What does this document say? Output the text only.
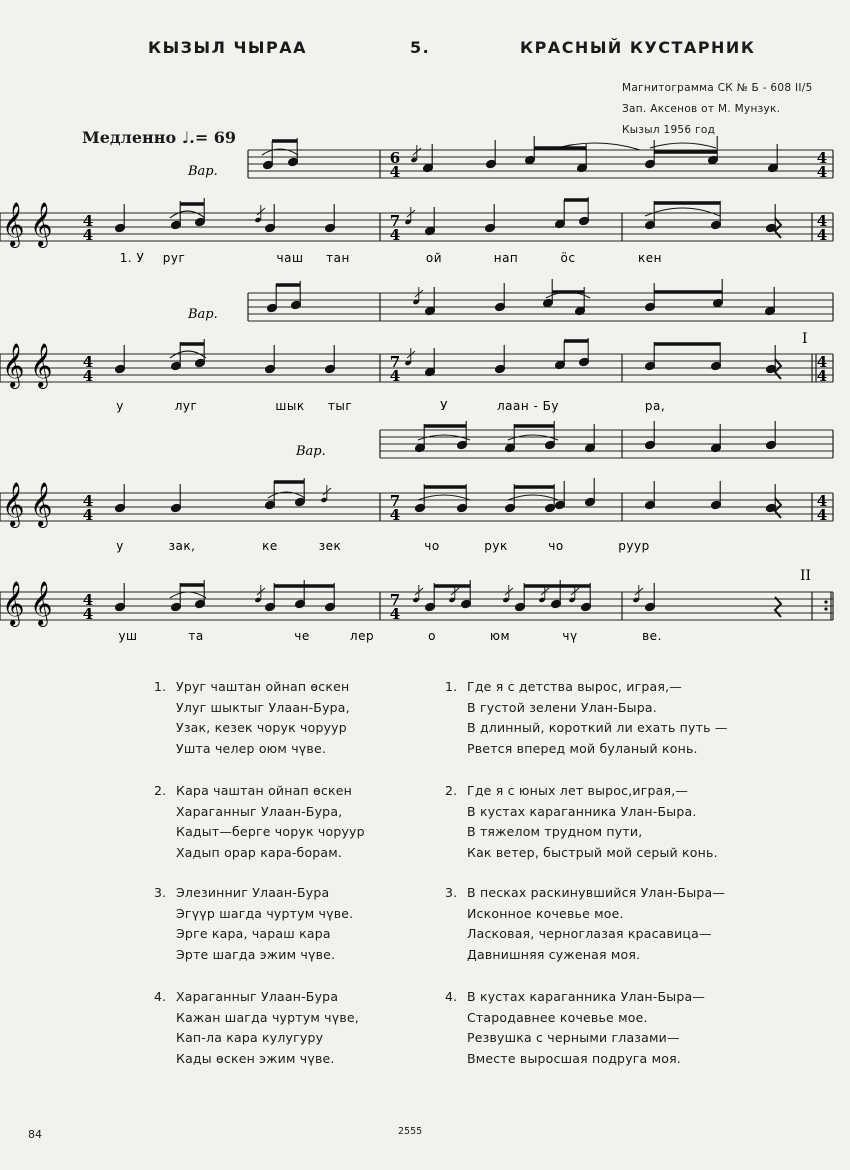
КЫЗЫЛ ЧЫРАА	5.	КРАСНЫЙ КУСТАРНИК
Магнитограмма СК № Б - 608 II/5
Зап. Аксенов от М. Мунзук.
Кызыл 1956 год
Медленно ♩.= 69
Вар.
6
4
4
4
𝄞 𝄞 4
4
7
4
4
4
1. У руг	чаш тан	ой	нап	ӧс	кен
Вар.
𝄞 𝄞 4
4
I
7
4
4
4
у	луг	шык тыг	У	лаан - Бу	ра,
Вар.
𝄞 𝄞 4
4
7
4
4
4
у	зак,	ке	зек	чо	рук	чо	руур
𝄞 𝄞 4
4
II
7
4
уш	та	че	лер	о	юм	чү	ве.
1. Уруг чаштан ойнап өскен
Улуг шыктыг Улаан-Бура,
Узак, кезек чорук чоруур
Ушта челер оюм чүве.
2. Кара чаштан ойнап өскен
Хараганныг Улаан-Бура,
Кадыт—берге чорук чоруур
Хадып орар кара-борам.
3. Элезинниг Улаан-Бура
Эгүүр шагда чуртум чүве.
Эрге кара, чараш кара
Эрте шагда эжим чүве.
4. Хараганныг Улаан-Бура
Кажан шагда чуртум чүве,
Кап-ла кара кулугуру
Кады өскен эжим чүве.
1. Где я с детства вырос, играя,—
В густой зелени Улан-Быра.
В длинный, короткий ли ехать путь —
Рвется вперед мой буланый конь.
2. Где я с юных лет вырос,играя,—
В кустах караганника Улан-Быра.
В тяжелом трудном пути,
Как ветер, быстрый мой серый конь.
3. В песках раскинувшийся Улан-Быра—
Исконное кочевье мое.
Ласковая, черноглазая красавица—
Давнишняя суженая моя.
4. В кустах караганника Улан-Быра—
Стародавнее кочевье мое.
Резвушка с черными глазами—
Вместе выросшая подруга моя.
84	2555
